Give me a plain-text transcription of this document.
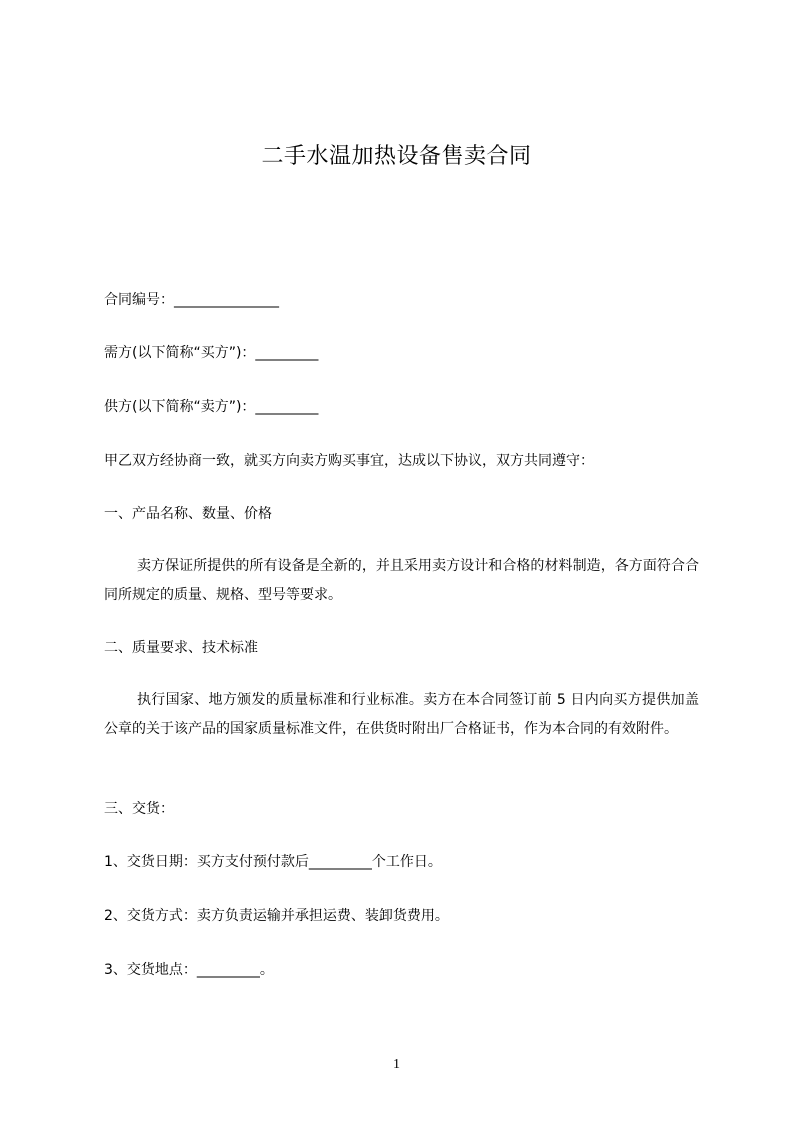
二手水温加热设备售卖合同
合同编号：_______________
需方(以下简称“买方”)：_________
供方(以下简称“卖方”)：_________
甲乙双方经协商一致，就买方向卖方购买事宜，达成以下协议，双方共同遵守：
一、产品名称、数量、价格
卖方保证所提供的所有设备是全新的，并且采用卖方设计和合格的材料制造，各方面符合合同所规定的质量、规格、型号等要求。
二、质量要求、技术标准
执行国家、地方颁发的质量标准和行业标准。卖方在本合同签订前 5 日内向买方提供加盖公章的关于该产品的国家质量标准文件，在供货时附出厂合格证书，作为本合同的有效附件。
三、交货：
1、交货日期：买方支付预付款后_________个工作日。
2、交货方式：卖方负责运输并承担运费、装卸货费用。
3、交货地点：_________。
1
